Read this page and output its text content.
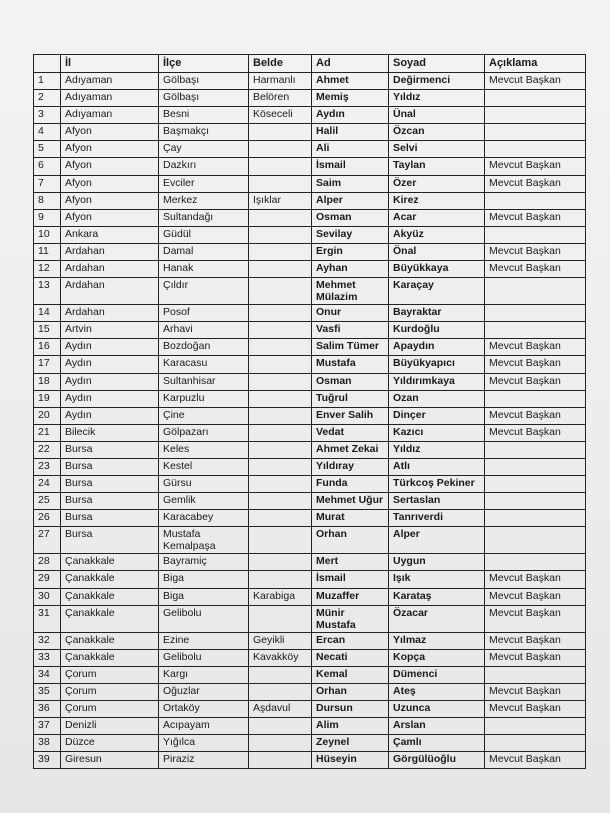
	İl	İlçe	Belde	Ad	Soyad	Açıklama
1	Adıyaman	Gölbaşı	Harmanlı	Ahmet	Değirmenci	Mevcut Başkan
2	Adıyaman	Gölbaşı	Belören	Memiş	Yıldız	
3	Adıyaman	Besni	Köseceli	Aydın	Ünal	
4	Afyon	Başmakçı		Halil	Özcan	
5	Afyon	Çay		Ali	Selvi	
6	Afyon	Dazkırı		İsmail	Taylan	Mevcut Başkan
7	Afyon	Evciler		Saim	Özer	Mevcut Başkan
8	Afyon	Merkez	Işıklar	Alper	Kirez	
9	Afyon	Sultandağı		Osman	Acar	Mevcut Başkan
10	Ankara	Güdül		Sevilay	Akyüz	
11	Ardahan	Damal		Ergin	Önal	Mevcut Başkan
12	Ardahan	Hanak		Ayhan	Büyükkaya	Mevcut Başkan
13	Ardahan	Çıldır		Mehmet Mülazim	Karaçay	
14	Ardahan	Posof		Onur	Bayraktar	
15	Artvin	Arhavi		Vasfi	Kurdoğlu	
16	Aydın	Bozdoğan		Salim Tümer	Apaydın	Mevcut Başkan
17	Aydın	Karacasu		Mustafa	Büyükyapıcı	Mevcut Başkan
18	Aydın	Sultanhisar		Osman	Yıldırımkaya	Mevcut Başkan
19	Aydın	Karpuzlu		Tuğrul	Ozan	
20	Aydın	Çine		Enver Salih	Dinçer	Mevcut Başkan
21	Bilecik	Gölpazarı		Vedat	Kazıcı	Mevcut Başkan
22	Bursa	Keles		Ahmet Zekai	Yıldız	
23	Bursa	Kestel		Yıldıray	Atlı	
24	Bursa	Gürsu		Funda	Türkcoş Pekiner	
25	Bursa	Gemlik		Mehmet Uğur	Sertaslan	
26	Bursa	Karacabey		Murat	Tanrıverdi	
27	Bursa	Mustafa Kemalpaşa		Orhan	Alper	
28	Çanakkale	Bayramiç		Mert	Uygun	
29	Çanakkale	Biga		İsmail	Işık	Mevcut Başkan
30	Çanakkale	Biga	Karabiga	Muzaffer	Karataş	Mevcut Başkan
31	Çanakkale	Gelibolu		Münir Mustafa	Özacar	Mevcut Başkan
32	Çanakkale	Ezine	Geyikli	Ercan	Yılmaz	Mevcut Başkan
33	Çanakkale	Gelibolu	Kavakköy	Necati	Kopça	Mevcut Başkan
34	Çorum	Kargı		Kemal	Dümenci	
35	Çorum	Oğuzlar		Orhan	Ateş	Mevcut Başkan
36	Çorum	Ortaköy	Aşdavul	Dursun	Uzunca	Mevcut Başkan
37	Denizli	Acıpayam		Alim	Arslan	
38	Düzce	Yığılca		Zeynel	Çamlı	
39	Giresun	Piraziz		Hüseyin	Görgülüoğlu	Mevcut Başkan
